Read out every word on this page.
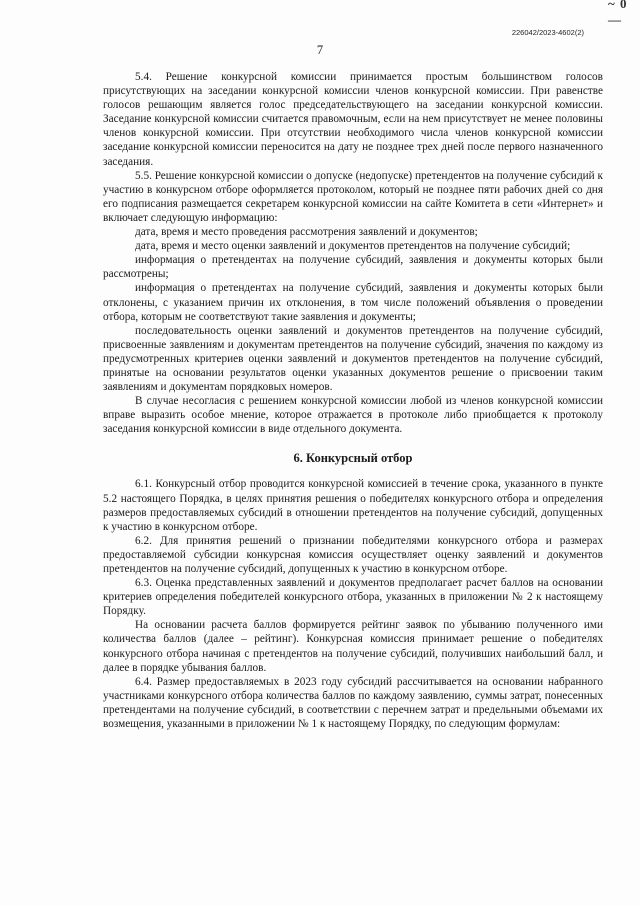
~ 0 —
226042/2023-4602(2)
7

5.4. Решение конкурсной комиссии принимается простым большинством голосов присутствующих на заседании конкурсной комиссии членов конкурсной комиссии. При равенстве голосов решающим является голос председательствующего на заседании конкурсной комиссии. Заседание конкурсной комиссии считается правомочным, если на нем присутствует не менее половины членов конкурсной комиссии. При отсутствии необходимого числа членов конкурсной комиссии заседание конкурсной комиссии переносится на дату не позднее трех дней после первого назначенного заседания.

5.5. Решение конкурсной комиссии о допуске (недопуске) претендентов на получение субсидий к участию в конкурсном отборе оформляется протоколом, который не позднее пяти рабочих дней со дня его подписания размещается секретарем конкурсной комиссии на сайте Комитета в сети «Интернет» и включает следующую информацию:

дата, время и место проведения рассмотрения заявлений и документов;

дата, время и место оценки заявлений и документов претендентов на получение субсидий;

информация о претендентах на получение субсидий, заявления и документы которых были рассмотрены;

информация о претендентах на получение субсидий, заявления и документы которых были отклонены, с указанием причин их отклонения, в том числе положений объявления о проведении отбора, которым не соответствуют такие заявления и документы;

последовательность оценки заявлений и документов претендентов на получение субсидий, присвоенные заявлениям и документам претендентов на получение субсидий, значения по каждому из предусмотренных критериев оценки заявлений и документов претендентов на получение субсидий, принятые на основании результатов оценки указанных документов решение о присвоении таким заявлениям и документам порядковых номеров.

В случае несогласия с решением конкурсной комиссии любой из членов конкурсной комиссии вправе выразить особое мнение, которое отражается в протоколе либо приобщается к протоколу заседания конкурсной комиссии в виде отдельного документа.

6. Конкурсный отбор

6.1. Конкурсный отбор проводится конкурсной комиссией в течение срока, указанного в пункте 5.2 настоящего Порядка, в целях принятия решения о победителях конкурсного отбора и определения размеров предоставляемых субсидий в отношении претендентов на получение субсидий, допущенных к участию в конкурсном отборе.

6.2. Для принятия решений о признании победителями конкурсного отбора и размерах предоставляемой субсидии конкурсная комиссия осуществляет оценку заявлений и документов претендентов на получение субсидий, допущенных к участию в конкурсном отборе.

6.3. Оценка представленных заявлений и документов предполагает расчет баллов на основании критериев определения победителей конкурсного отбора, указанных в приложении № 2 к настоящему Порядку.

На основании расчета баллов формируется рейтинг заявок по убыванию полученного ими количества баллов (далее – рейтинг). Конкурсная комиссия принимает решение о победителях конкурсного отбора начиная с претендентов на получение субсидий, получивших наибольший балл, и далее в порядке убывания баллов.

6.4. Размер предоставляемых в 2023 году субсидий рассчитывается на основании набранного участниками конкурсного отбора количества баллов по каждому заявлению, суммы затрат, понесенных претендентами на получение субсидий, в соответствии с перечнем затрат и предельными объемами их возмещения, указанными в приложении № 1 к настоящему Порядку, по следующим формулам:
